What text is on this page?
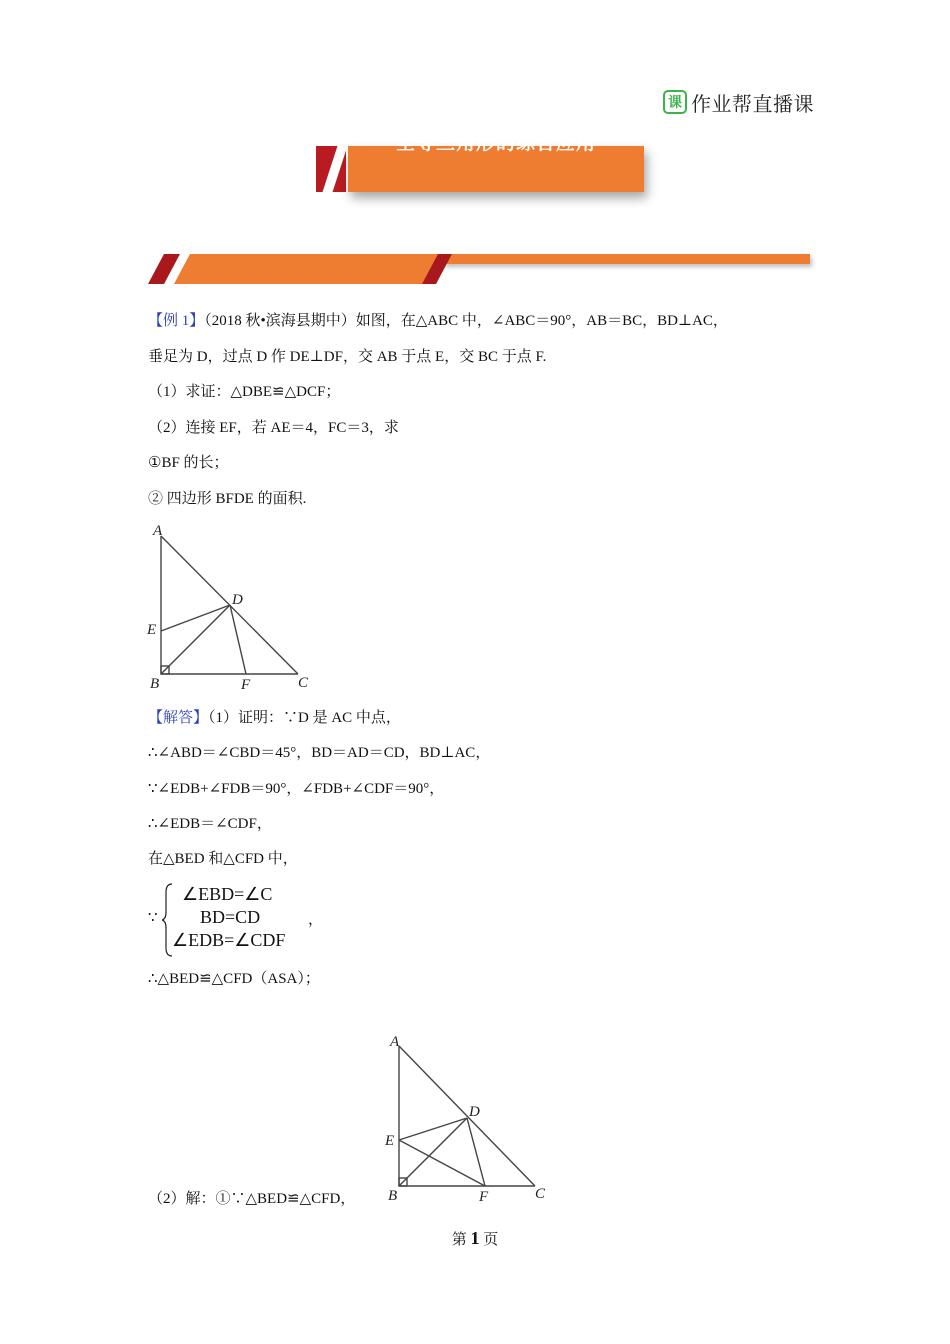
课 作业帮直播课
全等三角形的综合应用
一、常考易错题分析
【例 1】（2018 秋•滨海县期中）如图，在△ABC 中，∠ABC＝90°，AB＝BC，BD⊥AC，
垂足为 D，过点 D 作 DE⊥DF，交 AB 于点 E，交 BC 于点 F.
（1）求证：△DBE≌△DCF；
（2）连接 EF，若 AE＝4，FC＝3，求
①BF 的长；
② 四边形 BFDE 的面积.
A
E
D
B	F	C
【解答】（1）证明：∵D 是 AC 中点，
∴∠ABD＝∠CBD＝45°，BD＝AD＝CD，BD⊥AC，
∵∠EDB+∠FDB＝90°，∠FDB+∠CDF＝90°，
∴∠EDB＝∠CDF，
在△BED 和△CFD 中，
∵
∠EBD=∠C
BD=CD
∠EDB=∠CDF
，
∴△BED≌△CFD（ASA）；
A
E
D
B	F	C
（2）解：①∵△BED≌△CFD，
第 1 页
